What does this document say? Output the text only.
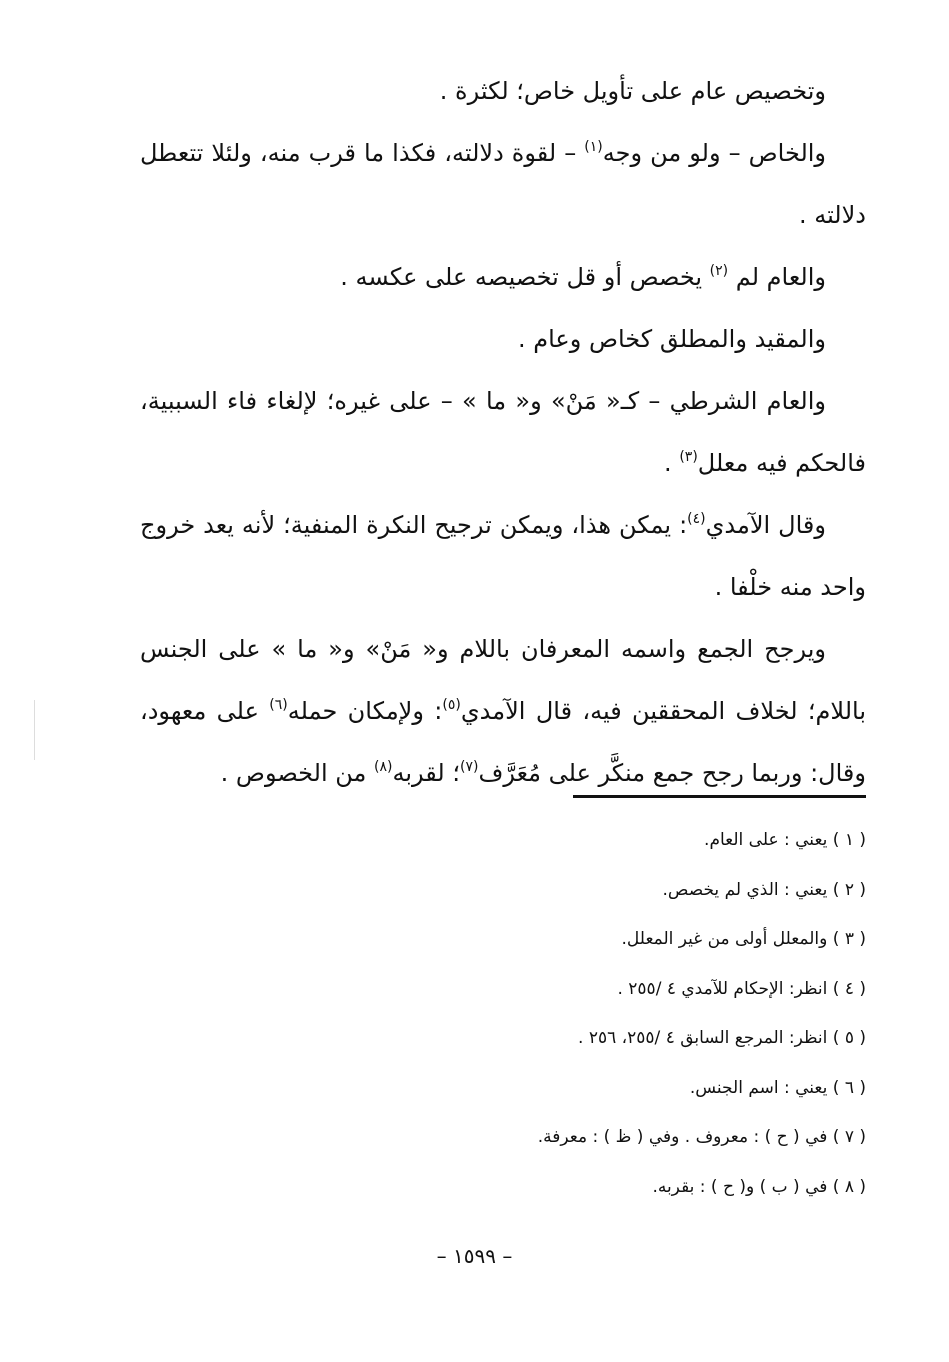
وتخصيص عام على تأويل خاص؛ لكثرة .

والخاص – ولو من وجه$^{(١)}$ – لقوة دلالته، فكذا ما قرب منه، ولئلا تتعطل دلالته .

والعام لم $^{(٢)}$ يخصص أو قل تخصيصه على عكسه .

والمقيد والمطلق كخاص وعام .

والعام الشرطي – كـ« مَنْ» و« ما » – على غيره؛ لإلغاء فاء السببية، فالحكم فيه معلل$^{(٣)}$ .

وقال الآمدي$^{(٤)}$: يمكن هذا، ويمكن ترجيح النكرة المنفية؛ لأنه يعد خروج واحد منه خلْفا .

ويرجح الجمع واسمه المعرفان باللام و« مَنْ» و« ما » على الجنس باللام؛ لخلاف المحققين فيه، قال الآمدي$^{(٥)}$: ولإمكان حمله$^{(٦)}$ على معهود، وقال: وربما رجح جمع منكَّر على مُعَرَّف$^{(٧)}$؛ لقربه$^{(٨)}$ من الخصوص .

( ١ ) يعني : على العام.

( ٢ ) يعني : الذي لم يخصص.

( ٣ ) والمعلل أولى من غير المعلل.

( ٤ ) انظر: الإحكام للآمدي ٤ /٢٥٥ .

( ٥ ) انظر: المرجع السابق ٤ /٢٥٥، ٢٥٦ .

( ٦ ) يعني : اسم الجنس.

( ٧ ) في ( ح ) : معروف . وفي ( ظ ) : معرفة.

( ٨ ) في ( ب ) و( ح ) : بقربه.

– ١٥٩٩ –
